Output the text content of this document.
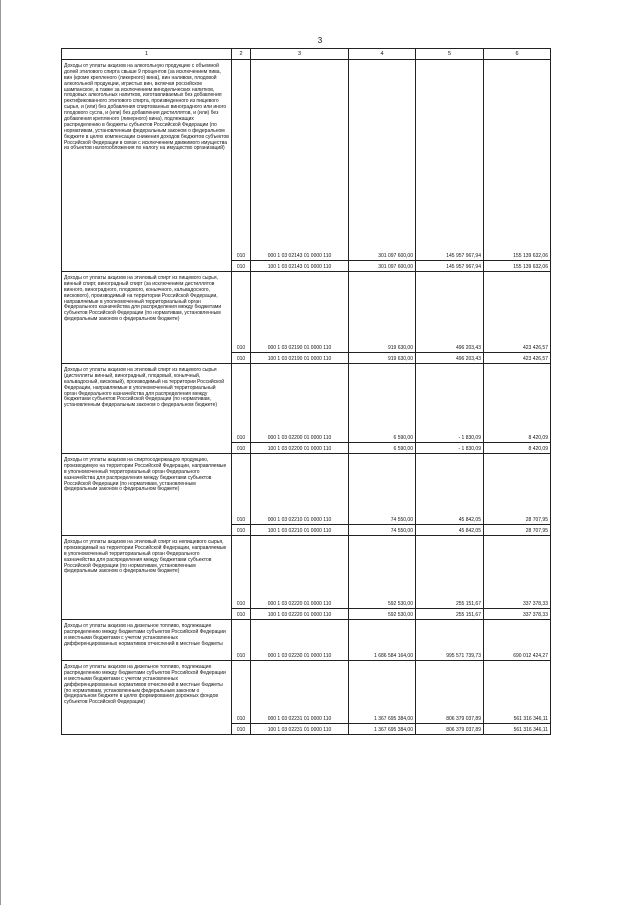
3
1	2	3	4	5	6
Доходы от уплаты акцизов на алкогольную продукцию с объемной долей этилового спирта свыше 9 процентов (за исключением пива, вин (кроме крепленого (ликерного) вина), вин наливом, плодовой алкогольной продукции, игристых вин, включая российское шампанское, а также за исключением винодельческих напитков, плодовых алкогольных напитков, изготавливаемых без добавления ректификованного этилового спирта, произведенного из пищевого сырья, и (или) без добавления спиртованных виноградного или иного плодового сусла, и (или) без добавления дистиллятов, и (или) без добавления крепленого (ликерного) вина), подлежащих распределению в бюджеты субъектов Российской Федерации (по нормативам, установленным федеральным законом о федеральном бюджете в целях компенсации снижения доходов бюджетов субъектов Российской Федерации в связи с исключением движимого имущества из объектов налогообложения по налогу на имущество организаций)	010	000 1 03 02143 01 0000 110	301 097 600,00	145 957 967,94	155 139 632,06
	010	100 1 03 02143 01 0000 110	301 097 600,00	145 957 967,94	155 139 632,06
Доходы от уплаты акцизов на этиловый спирт из пищевого сырья, винный спирт, виноградный спирт (за исключением дистиллятов винного, виноградного, плодового, коньячного, кальвадосного, вискового), производимый на территории Российской Федерации, направляемые в уполномоченный территориальный орган Федерального казначейства для распределения между бюджетами субъектов Российской Федерации (по нормативам, установленным федеральным законом о федеральном бюджете)	010	000 1 03 02190 01 0000 110	919 630,00	496 203,43	423 426,57
	010	100 1 03 02190 01 0000 110	919 630,00	496 203,43	423 426,57
Доходы от уплаты акцизов на этиловый спирт из пищевого сырья (дистилляты винный, виноградный, плодовый, коньячный, кальвадосный, висковый), производимый на территории Российской Федерации, направляемые в уполномоченный территориальный орган Федерального казначейства для распределения между бюджетами субъектов Российской Федерации (по нормативам, установленным федеральным законом о федеральном бюджете)	010	000 1 03 02200 01 0000 110	6 590,00	- 1 830,09	8 420,09
	010	100 1 03 02200 01 0000 110	6 590,00	- 1 830,09	8 420,09
Доходы от уплаты акцизов на спиртосодержащую продукцию, производимую на территории Российской Федерации, направляемые в уполномоченный территориальный орган Федерального казначейства для распределения между бюджетами субъектов Российской Федерации (по нормативам, установленным федеральным законом о федеральном бюджете)	010	000 1 03 02210 01 0000 110	74 550,00	45 842,05	28 707,95
	010	100 1 03 02210 01 0000 110	74 550,00	45 842,05	28 707,95
Доходы от уплаты акцизов на этиловый спирт из непищевого сырья, производимый на территории Российской Федерации, направляемые в уполномоченный территориальный орган Федерального казначейства для распределения между бюджетами субъектов Российской Федерации (по нормативам, установленным федеральным законом о федеральном бюджете)	010	000 1 03 02220 01 0000 110	592 530,00	255 151,67	337 378,33
	010	100 1 03 02220 01 0000 110	592 530,00	255 151,67	337 378,33
Доходы от уплаты акцизов на дизельное топливо, подлежащие распределению между бюджетами субъектов Российской Федерации и местными бюджетами с учетом установленных дифференцированных нормативов отчислений в местные бюджеты	010	000 1 03 02230 01 0000 110	1 686 584 164,00	995 571 739,73	690 012 424,27
Доходы от уплаты акцизов на дизельное топливо, подлежащие распределению между бюджетами субъектов Российской Федерации и местными бюджетами с учетом установленных дифференцированных нормативов отчислений в местные бюджеты (по нормативам, установленным федеральным законом о федеральном бюджете в целях формирования дорожных фондов субъектов Российской Федерации)	010	000 1 03 02231 01 0000 110	1 367 695 384,00	806 379 037,89	561 316 346,11
	010	100 1 03 02231 01 0000 110	1 367 695 384,00	806 379 037,89	561 316 346,11
